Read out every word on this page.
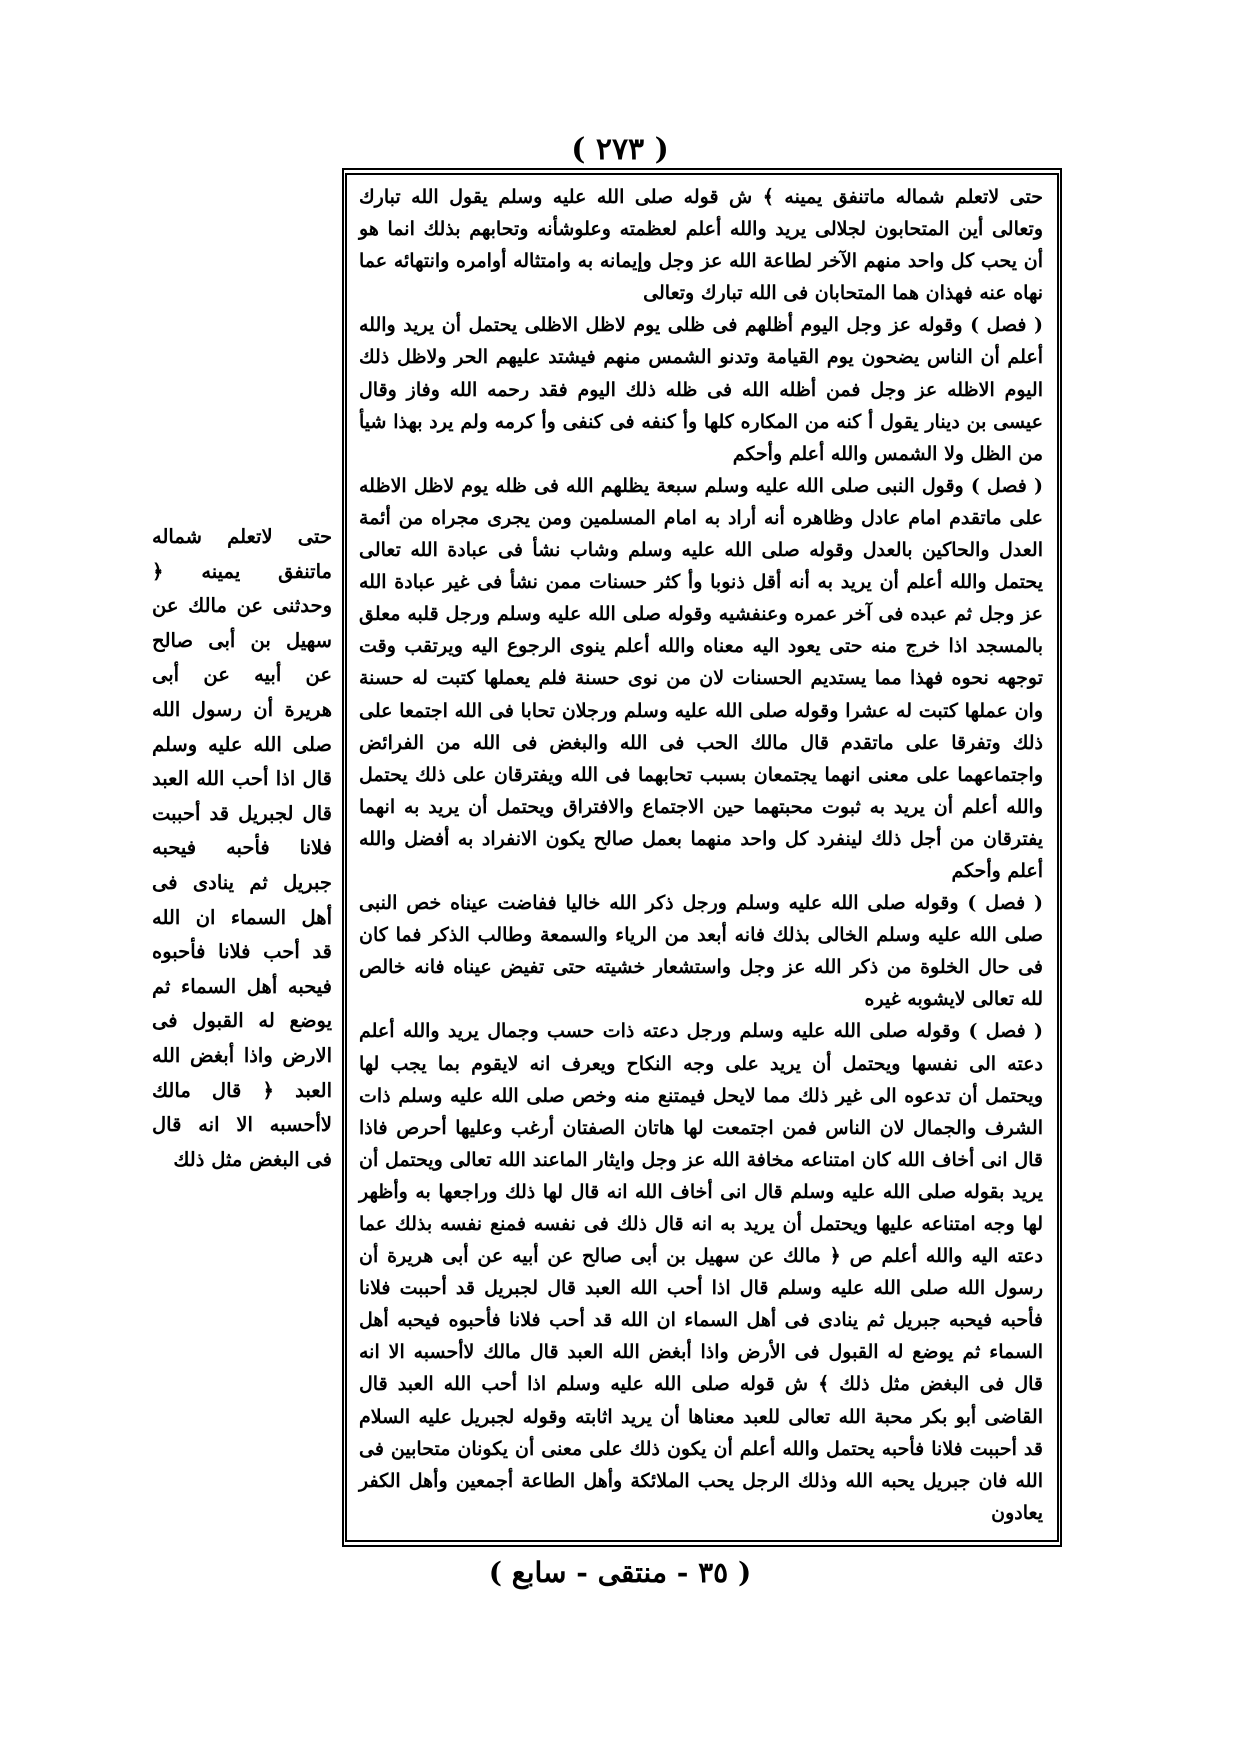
( ٢٧٣ )

حتى لاتعلم شماله ماتنفق يمينه ﴾ ش قوله صلى الله عليه وسلم يقول الله تبارك وتعالى أين المتحابون لجلالى يريد والله أعلم لعظمته وعلوشأنه وتحابهم بذلك انما هو أن يحب كل واحد منهم الآخر لطاعة الله عز وجل وإيمانه به وامتثاله أوامره وانتهائه عما نهاه عنه فهذان هما المتحابان فى الله تبارك وتعالى

( فصل ) وقوله عز وجل اليوم أظلهم فى ظلى يوم لاظل الاظلى يحتمل أن يريد والله أعلم أن الناس يضحون يوم القيامة وتدنو الشمس منهم فيشتد عليهم الحر ولاظل ذلك اليوم الاظله عز وجل فمن أظله الله فى ظله ذلك اليوم فقد رحمه الله وفاز وقال عيسى بن دينار يقول أ كنه من المكاره كلها وأ كنفه فى كنفى وأ كرمه ولم يرد بهذا شيأ من الظل ولا الشمس والله أعلم وأحكم

( فصل ) وقول النبى صلى الله عليه وسلم سبعة يظلهم الله فى ظله يوم لاظل الاظله على ماتقدم امام عادل وظاهره أنه أراد به امام المسلمين ومن يجرى مجراه من أئمة العدل والحاكين بالعدل وقوله صلى الله عليه وسلم وشاب نشأ فى عبادة الله تعالى يحتمل والله أعلم أن يريد به أنه أقل ذنوبا وأ كثر حسنات ممن نشأ فى غير عبادة الله عز وجل ثم عبده فى آخر عمره وعنفشيه وقوله صلى الله عليه وسلم ورجل قلبه معلق بالمسجد اذا خرج منه حتى يعود اليه معناه والله أعلم ينوى الرجوع اليه ويرتقب وقت توجهه نحوه فهذا مما يستديم الحسنات لان من نوى حسنة فلم يعملها كتبت له حسنة وان عملها كتبت له عشرا وقوله صلى الله عليه وسلم ورجلان تحابا فى الله اجتمعا على ذلك وتفرقا على ماتقدم قال مالك الحب فى الله والبغض فى الله من الفرائض واجتماعهما على معنى انهما يجتمعان بسبب تحابهما فى الله ويفترقان على ذلك يحتمل والله أعلم أن يريد به ثبوت محبتهما حين الاجتماع والافتراق ويحتمل أن يريد به انهما يفترقان من أجل ذلك لينفرد كل واحد منهما بعمل صالح يكون الانفراد به أفضل والله أعلم وأحكم

( فصل ) وقوله صلى الله عليه وسلم ورجل ذكر الله خاليا ففاضت عيناه خص النبى صلى الله عليه وسلم الخالى بذلك فانه أبعد من الرياء والسمعة وطالب الذكر فما كان فى حال الخلوة من ذكر الله عز وجل واستشعار خشيته حتى تفيض عيناه فانه خالص لله تعالى لايشوبه غيره

( فصل ) وقوله صلى الله عليه وسلم ورجل دعته ذات حسب وجمال يريد والله أعلم دعته الى نفسها ويحتمل أن يريد على وجه النكاح ويعرف انه لايقوم بما يجب لها ويحتمل أن تدعوه الى غير ذلك مما لايحل فيمتنع منه وخص صلى الله عليه وسلم ذات الشرف والجمال لان الناس فمن اجتمعت لها هاتان الصفتان أرغب وعليها أحرص فاذا قال انى أخاف الله كان امتناعه مخافة الله عز وجل وايثار الماعند الله تعالى ويحتمل أن يريد بقوله صلى الله عليه وسلم قال انى أخاف الله انه قال لها ذلك وراجعها به وأظهر لها وجه امتناعه عليها ويحتمل أن يريد به انه قال ذلك فى نفسه فمنع نفسه بذلك عما دعته اليه والله أعلم ص ﴿ مالك عن سهيل بن أبى صالح عن أبيه عن أبى هريرة أن رسول الله صلى الله عليه وسلم قال اذا أحب الله العبد قال لجبريل قد أحببت فلانا فأحبه فيحبه جبريل ثم ينادى فى أهل السماء ان الله قد أحب فلانا فأحبوه فيحبه أهل السماء ثم يوضع له القبول فى الأرض واذا أبغض الله العبد قال مالك لاأحسبه الا انه قال فى البغض مثل ذلك ﴾ ش قوله صلى الله عليه وسلم اذا أحب الله العبد قال القاضى أبو بكر محبة الله تعالى للعبد معناها أن يريد اثابته وقوله لجبريل عليه السلام قد أحببت فلانا فأحبه يحتمل والله أعلم أن يكون ذلك على معنى أن يكونان متحابين فى الله فان جبريل يحبه الله وذلك الرجل يحب الملائكة وأهل الطاعة أجمعين وأهل الكفر يعادون

حتى لاتعلم شماله ماتنفق يمينه ﴿ وحدثنى عن مالك عن سهيل بن أبى صالح عن أبيه عن أبى هريرة أن رسول الله صلى الله عليه وسلم قال اذا أحب الله العبد قال لجبريل قد أحببت فلانا فأحبه فيحبه جبريل ثم ينادى فى أهل السماء ان الله قد أحب فلانا فأحبوه فيحبه أهل السماء ثم يوضع له القبول فى الارض واذا أبغض الله العبد ﴿ قال مالك لاأحسبه الا انه قال فى البغض مثل ذلك

( ٣٥ - منتقى - سابع )
